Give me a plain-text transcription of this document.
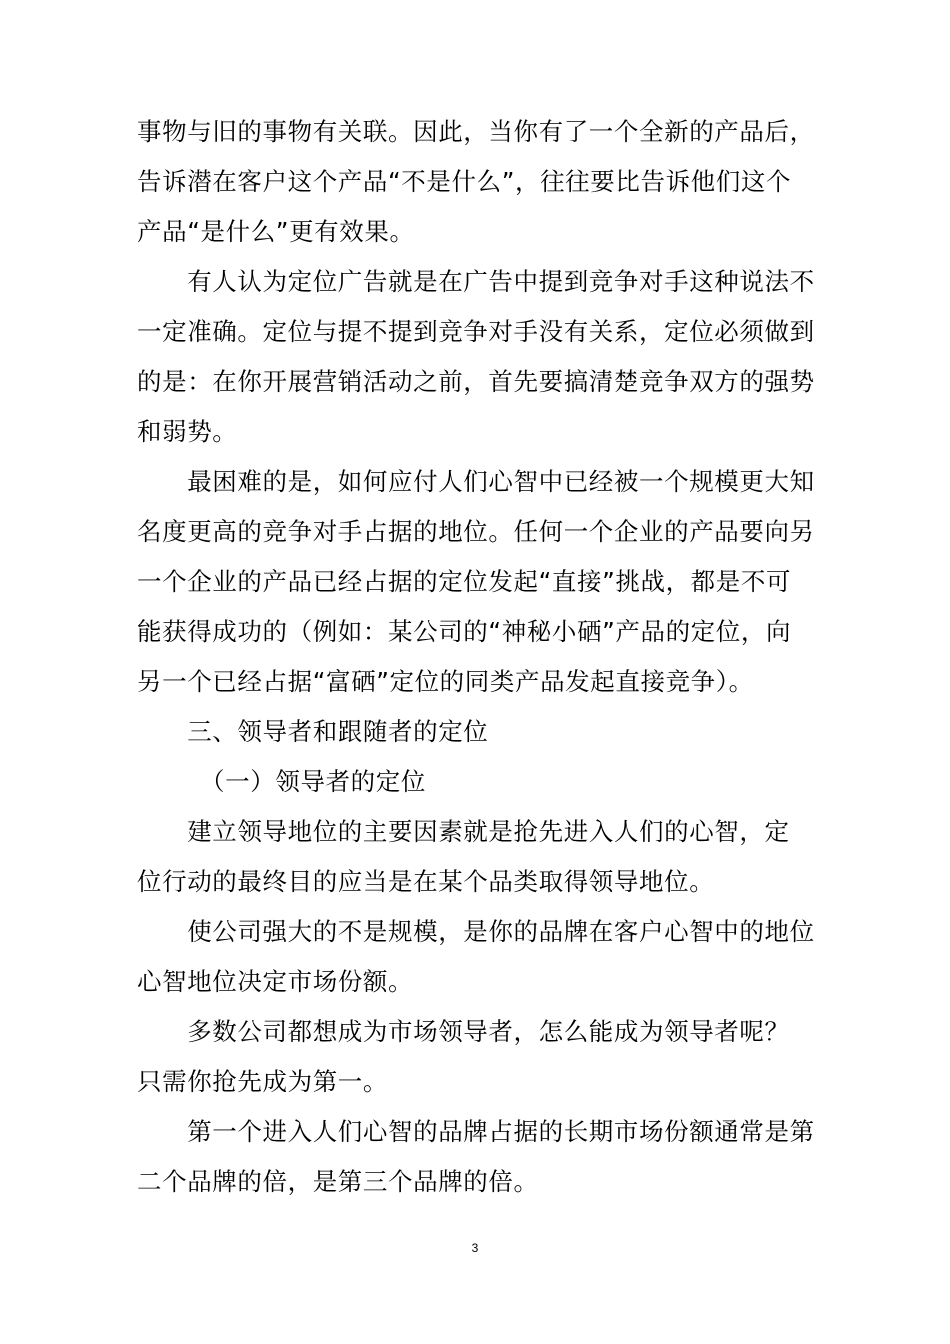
事物与旧的事物有关联。因此，当你有了一个全新的产品后，
告诉潜在客户这个产品“不是什么”，往往要比告诉他们这个
产品“是什么”更有效果。
　　有人认为定位广告就是在广告中提到竞争对手这种说法不
一定准确。定位与提不提到竞争对手没有关系，定位必须做到
的是：在你开展营销活动之前，首先要搞清楚竞争双方的强势
和弱势。
　　最困难的是，如何应付人们心智中已经被一个规模更大知
名度更高的竞争对手占据的地位。任何一个企业的产品要向另
一个企业的产品已经占据的定位发起“直接”挑战，都是不可
能获得成功的（例如：某公司的“神秘小硒”产品的定位，向
另一个已经占据“富硒”定位的同类产品发起直接竞争）。
　　三、领导者和跟随者的定位
　　　（一）领导者的定位
　　建立领导地位的主要因素就是抢先进入人们的心智，定
位行动的最终目的应当是在某个品类取得领导地位。
　　使公司强大的不是规模，是你的品牌在客户心智中的地位
心智地位决定市场份额。
　　多数公司都想成为市场领导者，怎么能成为领导者呢？
只需你抢先成为第一。
　　第一个进入人们心智的品牌占据的长期市场份额通常是第
二个品牌的倍，是第三个品牌的倍。
3
